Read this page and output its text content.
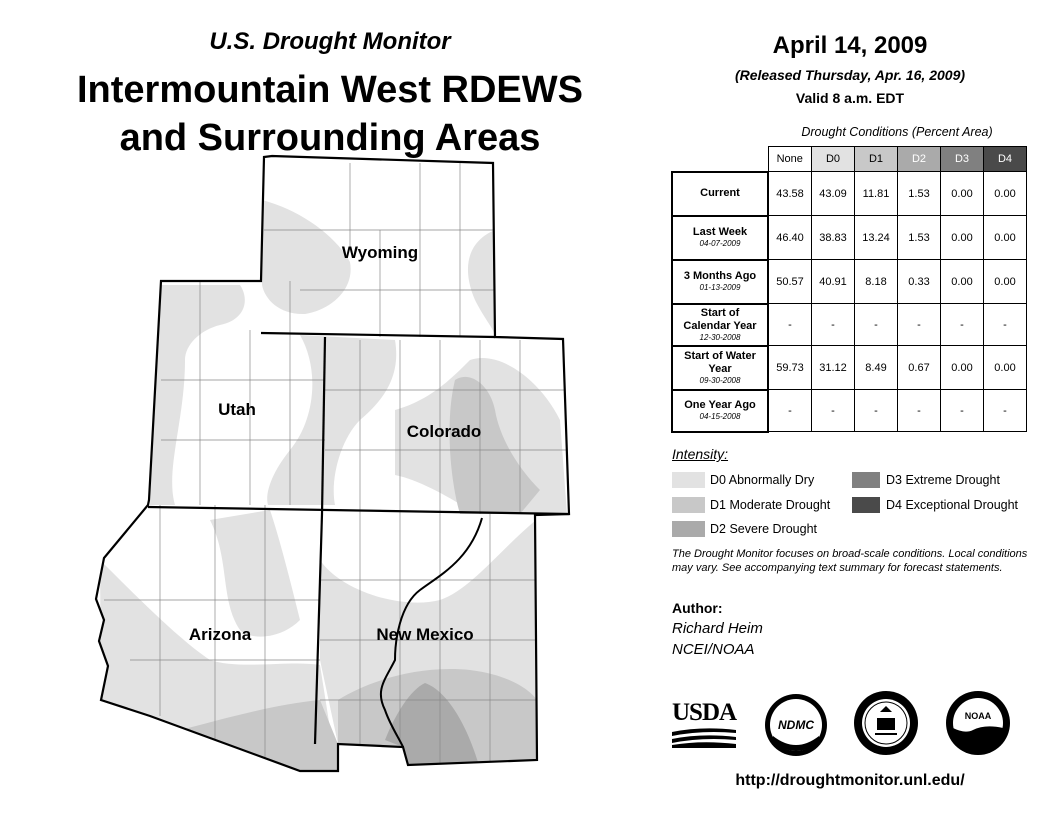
U.S. Drought Monitor
Intermountain West RDEWS
and Surrounding Areas
Wyoming
Utah
Colorado
Arizona	New Mexico
April 14, 2009
(Released Thursday, Apr. 16, 2009)
Valid 8 a.m. EDT
Drought Conditions (Percent Area)
	None	D0	D1	D2	D3	D4

Current	43.58	43.09	11.81	1.53	0.00	0.00

Last Week
04-07-2009	46.40	38.83	13.24	1.53	0.00	0.00

3 Months Ago
01-13-2009	50.57	40.91	8.18	0.33	0.00	0.00

Start of Calendar Year
12-30-2008	-	-	-	-	-	-

Start of Water Year
09-30-2008	59.73	31.12	8.49	0.67	0.00	0.00

One Year Ago
04-15-2008	-	-	-	-	-	-
Intensity:
D0 Abnormally Dry
D1 Moderate Drought
D2 Severe Drought
D3 Extreme Drought
D4 Exceptional Drought
The Drought Monitor focuses on broad-scale conditions. Local conditions may vary. See accompanying text summary for forecast statements.
Author:
Richard Heim
NCEI/NOAA
USDA	NDMC
NOAA
http://droughtmonitor.unl.edu/
